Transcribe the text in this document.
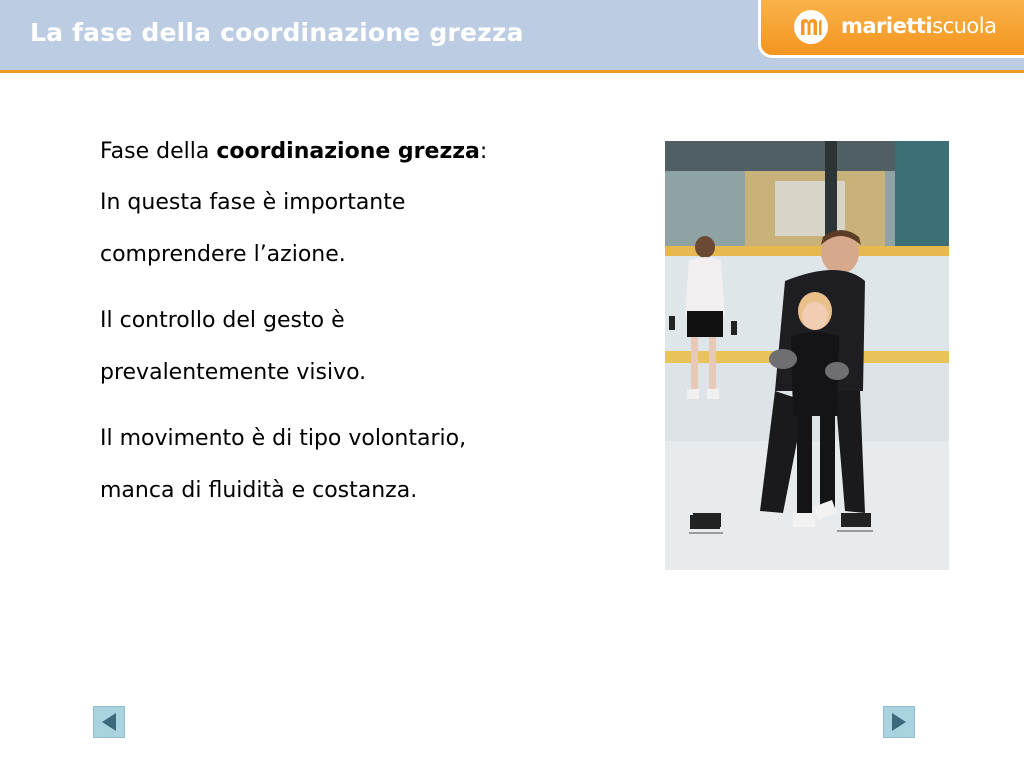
La fase della coordinazione grezza	mariettiscuola

Fase della coordinazione grezza:

In questa fase è importante
comprendere l’azione.

Il controllo del gesto è
prevalentemente visivo.

Il movimento è di tipo volontario,
manca di fluidità e costanza.
